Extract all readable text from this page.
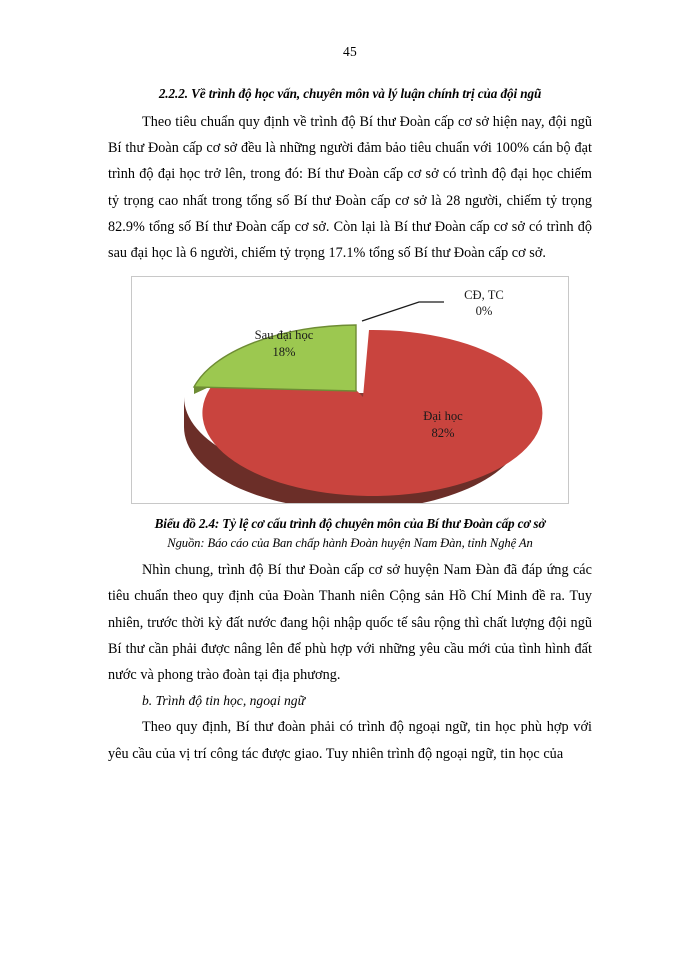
45
2.2.2. Về trình độ học vấn, chuyên môn và lý luận chính trị của đội ngũ

Theo tiêu chuẩn quy định về trình độ Bí thư Đoàn cấp cơ sở hiện nay, đội ngũ Bí thư Đoàn cấp cơ sở đều là những người đảm bảo tiêu chuẩn với 100% cán bộ đạt trình độ đại học trở lên, trong đó: Bí thư Đoàn cấp cơ sở có trình độ đại học chiếm tỷ trọng cao nhất trong tổng số Bí thư Đoàn cấp cơ sở là 28 người, chiếm tỷ trọng 82.9% tổng số Bí thư Đoàn cấp cơ sở. Còn lại là Bí thư Đoàn cấp cơ sở có trình độ sau đại học là 6 người, chiếm tỷ trọng 17.1% tổng số Bí thư Đoàn cấp cơ sở.

CĐ, TC
0%
Sau đại học
18%
Đại học
82%
Biểu đồ 2.4: Tỷ lệ cơ cấu trình độ chuyên môn của Bí thư Đoàn cấp cơ sở
Nguồn: Báo cáo của Ban chấp hành Đoàn huyện Nam Đàn, tỉnh Nghệ An

Nhìn chung, trình độ Bí thư Đoàn cấp cơ sở huyện Nam Đàn đã đáp ứng các tiêu chuẩn theo quy định của Đoàn Thanh niên Cộng sản Hồ Chí Minh đề ra. Tuy nhiên, trước thời kỳ đất nước đang hội nhập quốc tế sâu rộng thì chất lượng đội ngũ Bí thư cần phải được nâng lên để phù hợp với những yêu cầu mới của tình hình đất nước và phong trào đoàn tại địa phương.

b. Trình độ tin học, ngoại ngữ

Theo quy định, Bí thư đoàn phải có trình độ ngoại ngữ, tin học phù hợp với yêu cầu của vị trí công tác được giao. Tuy nhiên trình độ ngoại ngữ, tin học của
